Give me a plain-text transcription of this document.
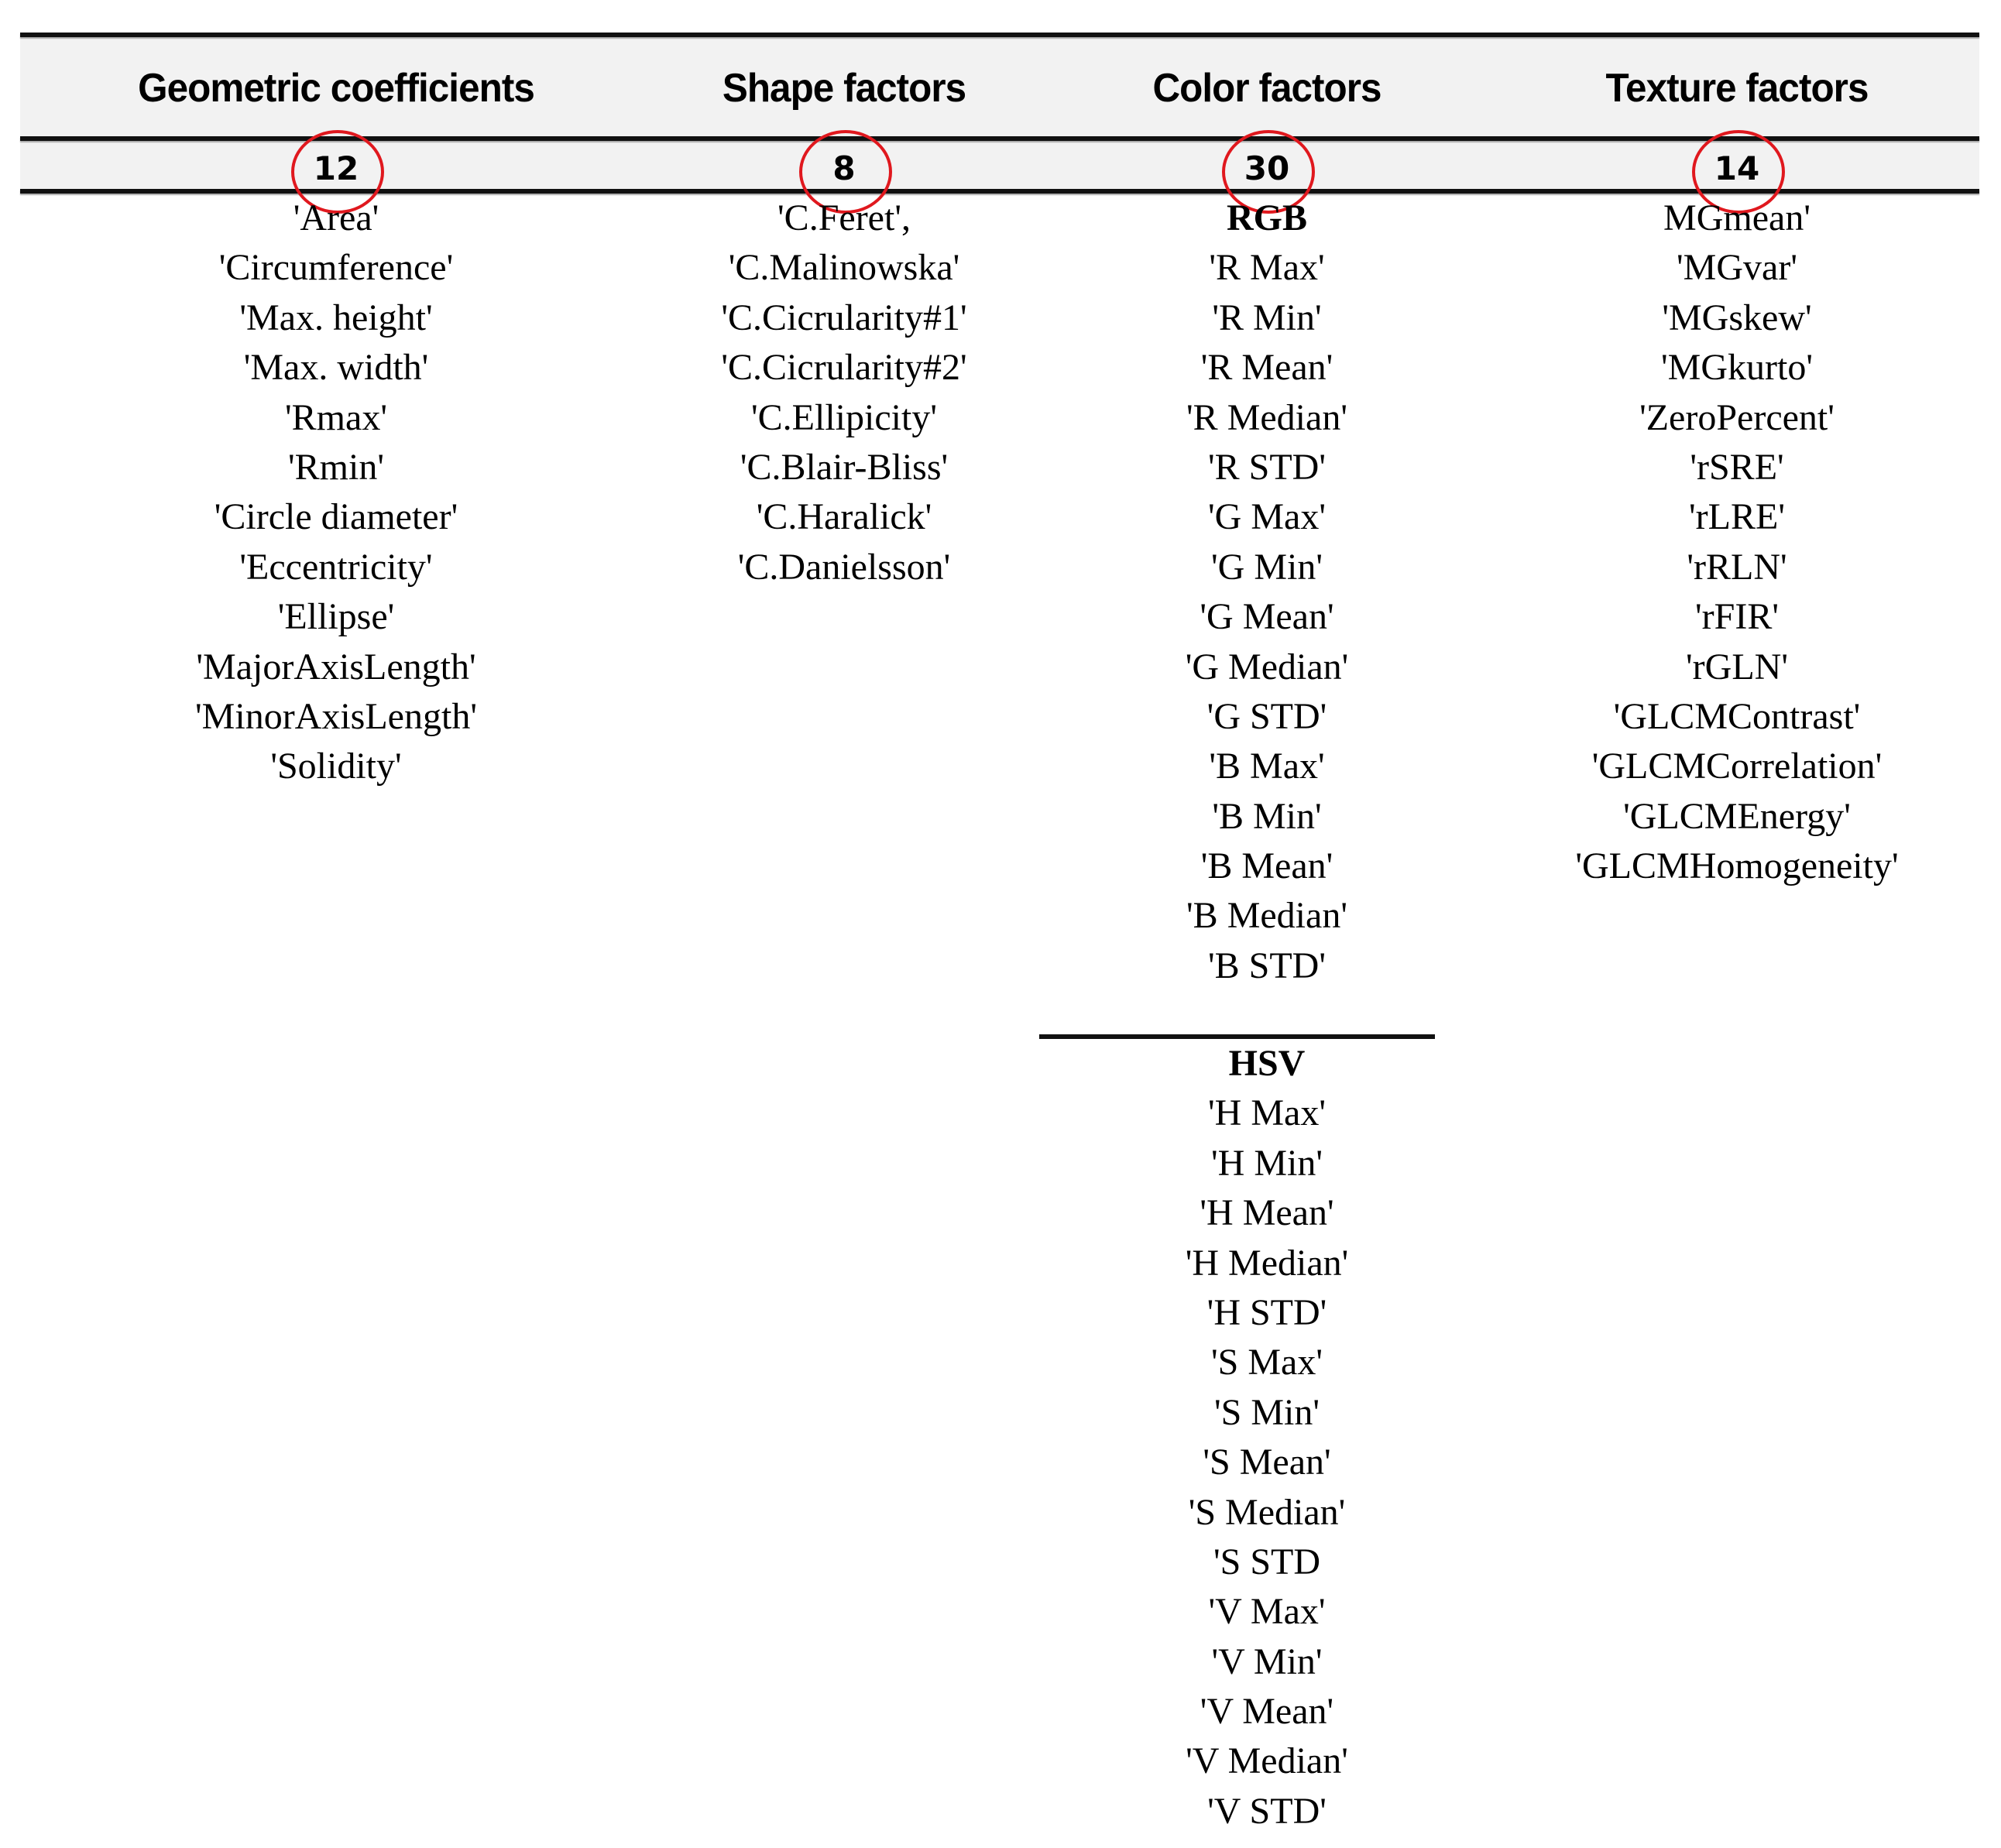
Geometric coefficients
12
'Area'
'Circumference'
'Max. height'
'Max. width'
'Rmax'
'Rmin'
'Circle diameter'
'Eccentricity'
'Ellipse'
'MajorAxisLength'
'MinorAxisLength'
'Solidity'
Shape factors
8
'C.Feret',
'C.Malinowska'
'C.Cicrularity#1'
'C.Cicrularity#2'
'C.Ellipicity'
'C.Blair-Bliss'
'C.Haralick'
'C.Danielsson'
Color factors
30
RGB
'R Max'
'R Min'
'R Mean'
'R Median'
'R STD'
'G Max'
'G Min'
'G Mean'
'G Median'
'G STD'
'B Max'
'B Min'
'B Mean'
'B Median'
'B STD'
HSV
'H Max'
'H Min'
'H Mean'
'H Median'
'H STD'
'S Max'
'S Min'
'S Mean'
'S Median'
'S STD
'V Max'
'V Min'
'V Mean'
'V Median'
'V STD'
Texture factors
14
MGmean'
'MGvar'
'MGskew'
'MGkurto'
'ZeroPercent'
'rSRE'
'rLRE'
'rRLN'
'rFIR'
'rGLN'
'GLCMContrast'
'GLCMCorrelation'
'GLCMEnergy'
'GLCMHomogeneity'
